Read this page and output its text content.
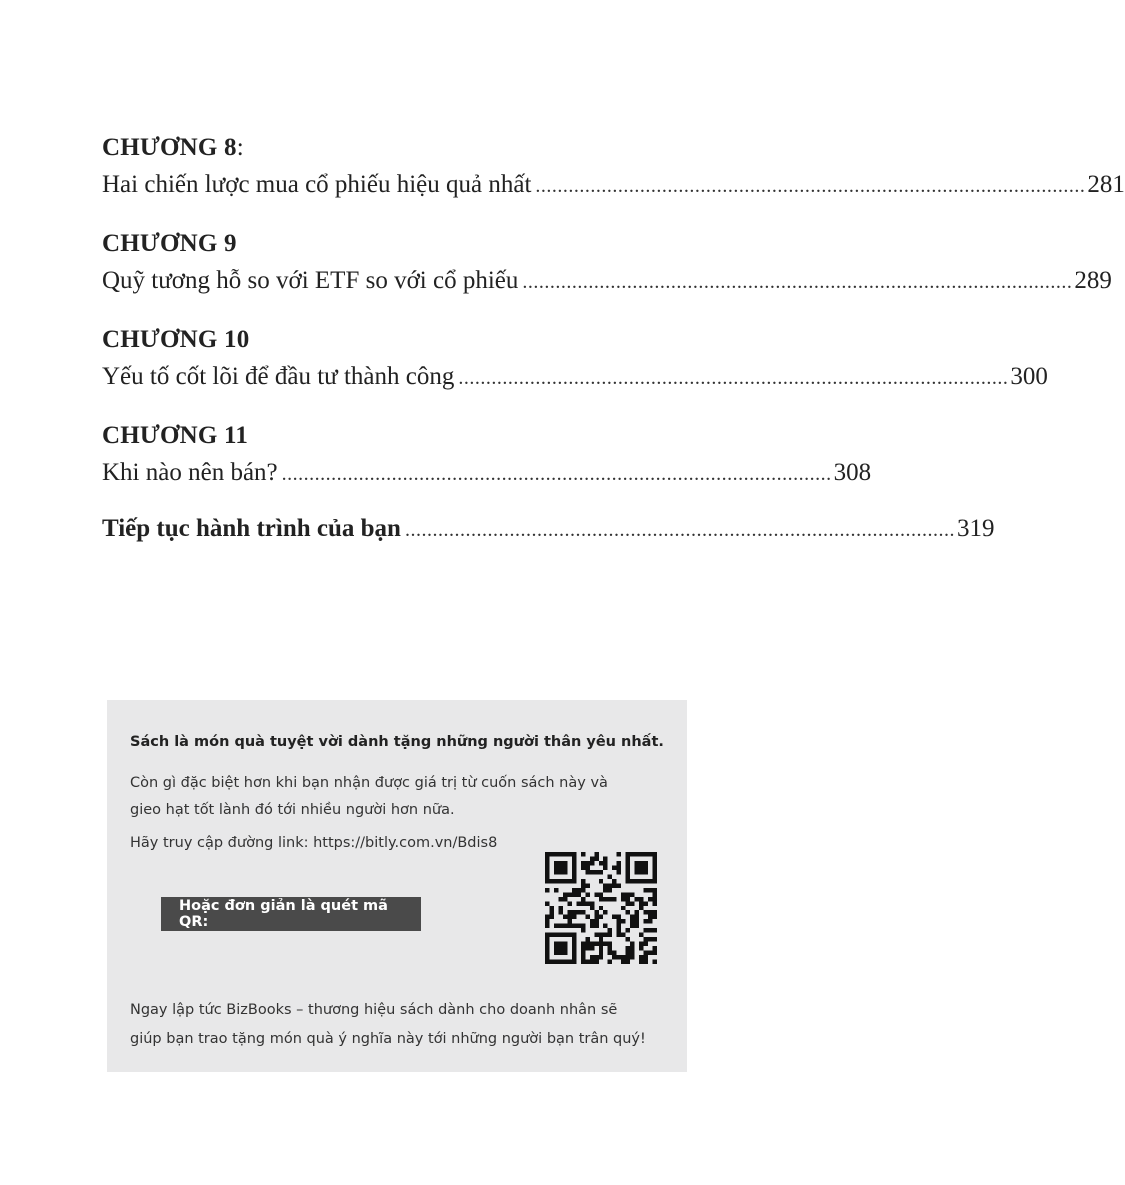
CHƯƠNG 8:
Hai chiến lược mua cổ phiếu hiệu quả nhất .................................................................................................... 281
CHƯƠNG 9
Quỹ tương hỗ so với ETF so với cổ phiếu .................................................................................................... 289
CHƯƠNG 10
Yếu tố cốt lõi để đầu tư thành công .................................................................................................... 300
CHƯƠNG 11
Khi nào nên bán? .................................................................................................... 308
Tiếp tục hành trình của bạn .................................................................................................... 319
Sách là món quà tuyệt vời dành tặng những người thân yêu nhất.
Còn gì đặc biệt hơn khi bạn nhận được giá trị từ cuốn sách này và
gieo hạt tốt lành đó tới nhiều người hơn nữa.
Hãy truy cập đường link: https://bitly.com.vn/Bdis8
Hoặc đơn giản là quét mã QR:
Ngay lập tức BizBooks – thương hiệu sách dành cho doanh nhân sẽ
giúp bạn trao tặng món quà ý nghĩa này tới những người bạn trân quý!
